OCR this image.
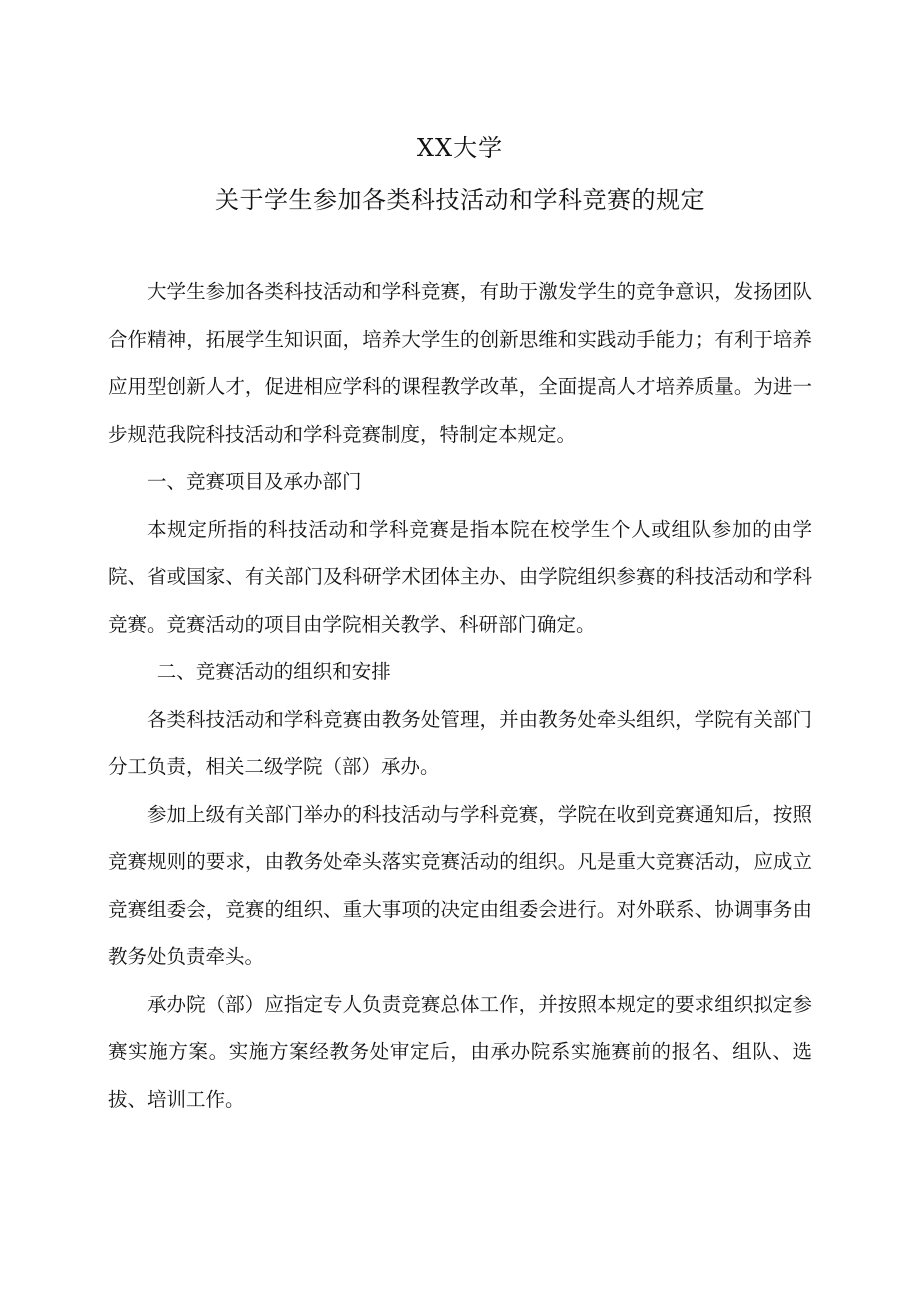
XX大学
关于学生参加各类科技活动和学科竞赛的规定

大学生参加各类科技活动和学科竞赛，有助于激发学生的竞争意识，发扬团队合作精神，拓展学生知识面，培养大学生的创新思维和实践动手能力；有利于培养应用型创新人才，促进相应学科的课程教学改革，全面提高人才培养质量。为进一步规范我院科技活动和学科竞赛制度，特制定本规定。

一、竞赛项目及承办部门

本规定所指的科技活动和学科竞赛是指本院在校学生个人或组队参加的由学院、省或国家、有关部门及科研学术团体主办、由学院组织参赛的科技活动和学科竞赛。竞赛活动的项目由学院相关教学、科研部门确定。

二、竞赛活动的组织和安排

各类科技活动和学科竞赛由教务处管理，并由教务处牵头组织，学院有关部门分工负责，相关二级学院（部）承办。

参加上级有关部门举办的科技活动与学科竞赛，学院在收到竞赛通知后，按照竞赛规则的要求，由教务处牵头落实竞赛活动的组织。凡是重大竞赛活动，应成立竞赛组委会，竞赛的组织、重大事项的决定由组委会进行。对外联系、协调事务由教务处负责牵头。

承办院（部）应指定专人负责竞赛总体工作，并按照本规定的要求组织拟定参赛实施方案。实施方案经教务处审定后，由承办院系实施赛前的报名、组队、选拔、培训工作。
